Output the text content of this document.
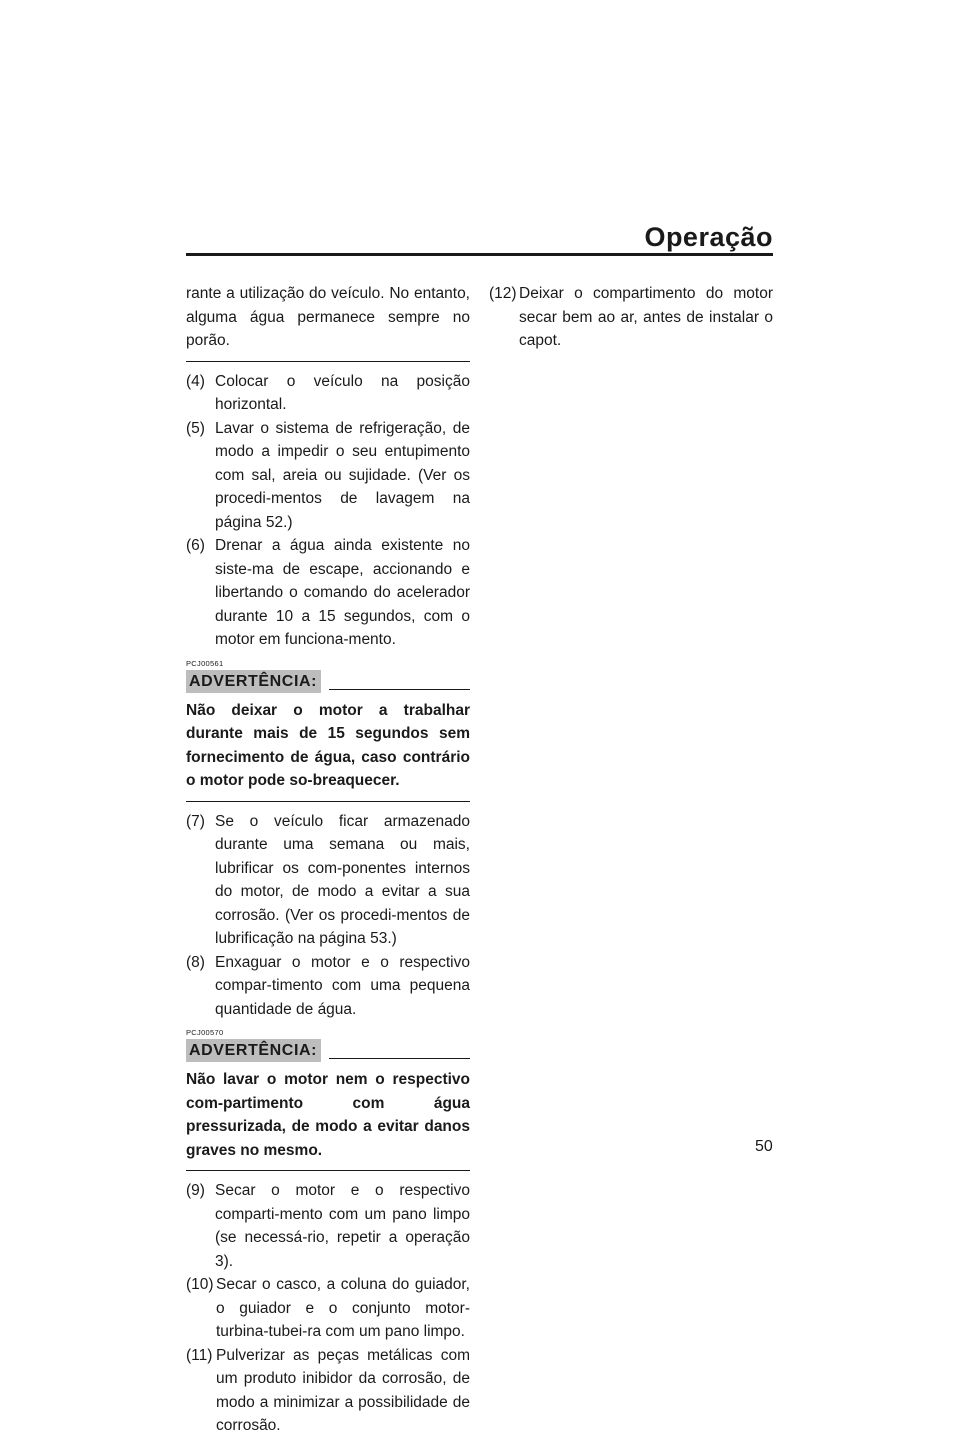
Operação

rante a utilização do veículo. No entanto, alguma água permanece sempre no porão.

(4) Colocar o veículo na posição horizontal.
(5) Lavar o sistema de refrigeração, de modo a impedir o seu entupimento com sal, areia ou sujidade. (Ver os procedi-mentos de lavagem na página 52.)
(6) Drenar a água ainda existente no siste-ma de escape, accionando e libertando o comando do acelerador durante 10 a 15 segundos, com o motor em funciona-mento.
PCJ00561
ADVERTÊNCIA:
Não deixar o motor a trabalhar durante mais de 15 segundos sem fornecimento de água, caso contrário o motor pode so-breaquecer.
(7) Se o veículo ficar armazenado durante uma semana ou mais, lubrificar os com-ponentes internos do motor, de modo a evitar a sua corrosão. (Ver os procedi-mentos de lubrificação na página 53.)
(8) Enxaguar o motor e o respectivo compar-timento com uma pequena quantidade de água.
PCJ00570
ADVERTÊNCIA:
Não lavar o motor nem o respectivo com-partimento com água pressurizada, de modo a evitar danos graves no mesmo.
(9) Secar o motor e o respectivo comparti-mento com um pano limpo (se necessá-rio, repetir a operação 3).
(10) Secar o casco, a coluna do guiador, o guiador e o conjunto motor-turbina-tubei-ra com um pano limpo.
(11) Pulverizar as peças metálicas com um produto inibidor da corrosão, de modo a minimizar a possibilidade de corrosão.
(12) Deixar o compartimento do motor secar bem ao ar, antes de instalar o capot.
50
